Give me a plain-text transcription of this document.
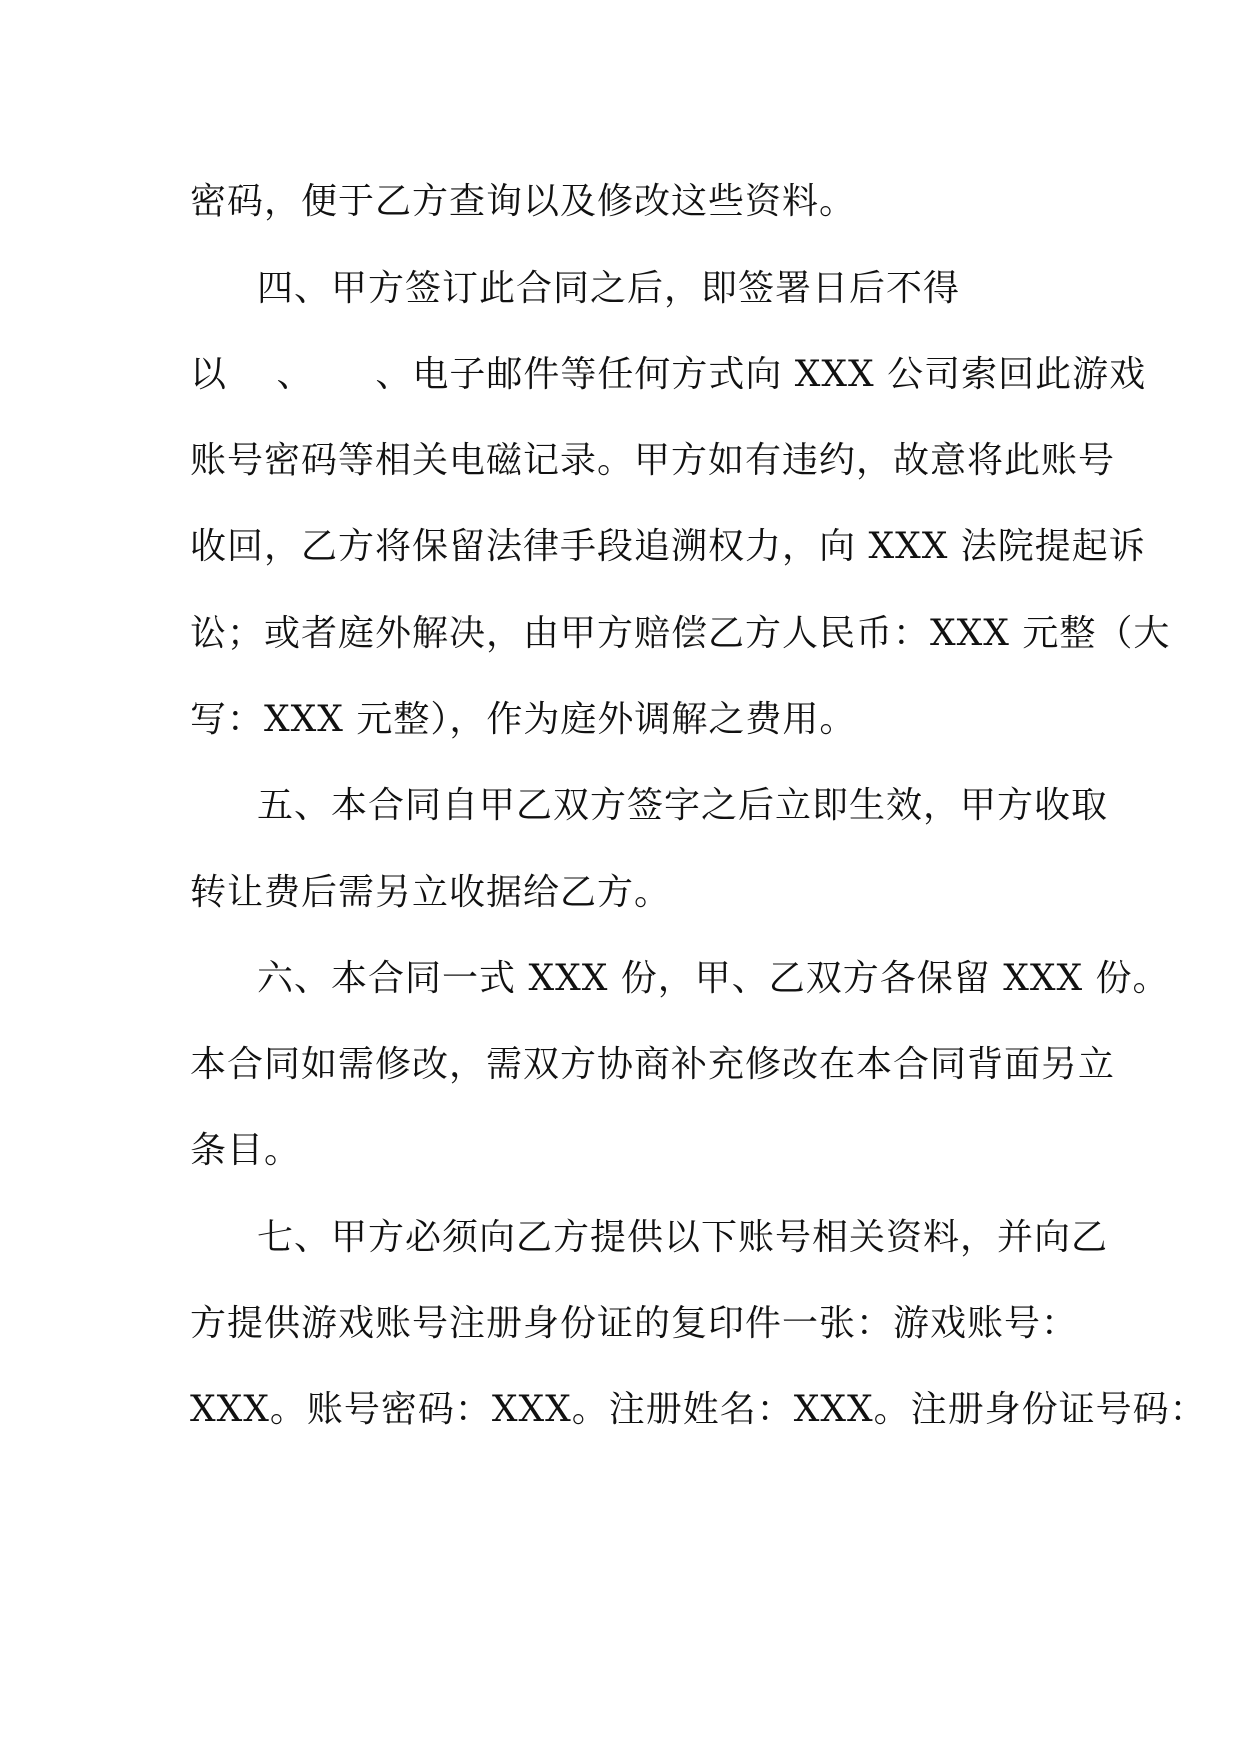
密码，便于乙方查询以及修改这些资料。
四、甲方签订此合同之后，即签署日后不得
以　 、 　 、电子邮件等任何方式向 XXX 公司索回此游戏
账号密码等相关电磁记录。甲方如有违约，故意将此账号
收回，乙方将保留法律手段追溯权力，向 XXX 法院提起诉
讼；或者庭外解决，由甲方赔偿乙方人民币：XXX 元整（大
写：XXX 元整），作为庭外调解之费用。
五、本合同自甲乙双方签字之后立即生效，甲方收取
转让费后需另立收据给乙方。
六、本合同一式 XXX 份，甲、乙双方各保留 XXX 份。
本合同如需修改，需双方协商补充修改在本合同背面另立
条目。
七、甲方必须向乙方提供以下账号相关资料，并向乙
方提供游戏账号注册身份证的复印件一张：游戏账号：
XXX。账号密码：XXX。注册姓名：XXX。注册身份证号码：
